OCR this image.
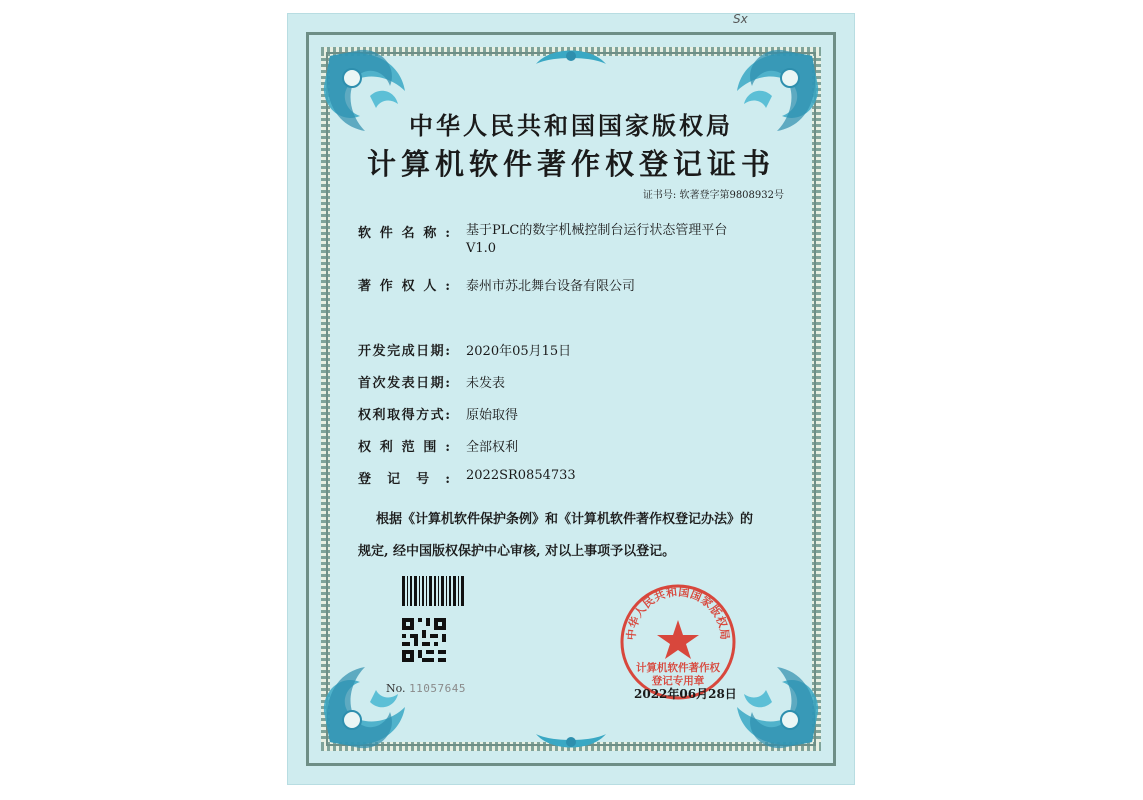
Sx
中华人民共和国国家版权局
计算机软件著作权登记证书
证书号: 软著登字第9808932号
软件名称: 基于PLC的数字机械控制台运行状态管理平台
V1.0
著作权人: 泰州市苏北舞台设备有限公司
开发完成日期: 2020年05月15日
首次发表日期: 未发表
权利取得方式: 原始取得
权利范围: 全部权利
登记号: 2022SR0854733
根据《计算机软件保护条例》和《计算机软件著作权登记办法》的
规定, 经中国版权保护中心审核, 对以上事项予以登记。
No. 11057645
中华人民共和国国家版权局
计算机软件著作权
登记专用章
2022年06月28日
